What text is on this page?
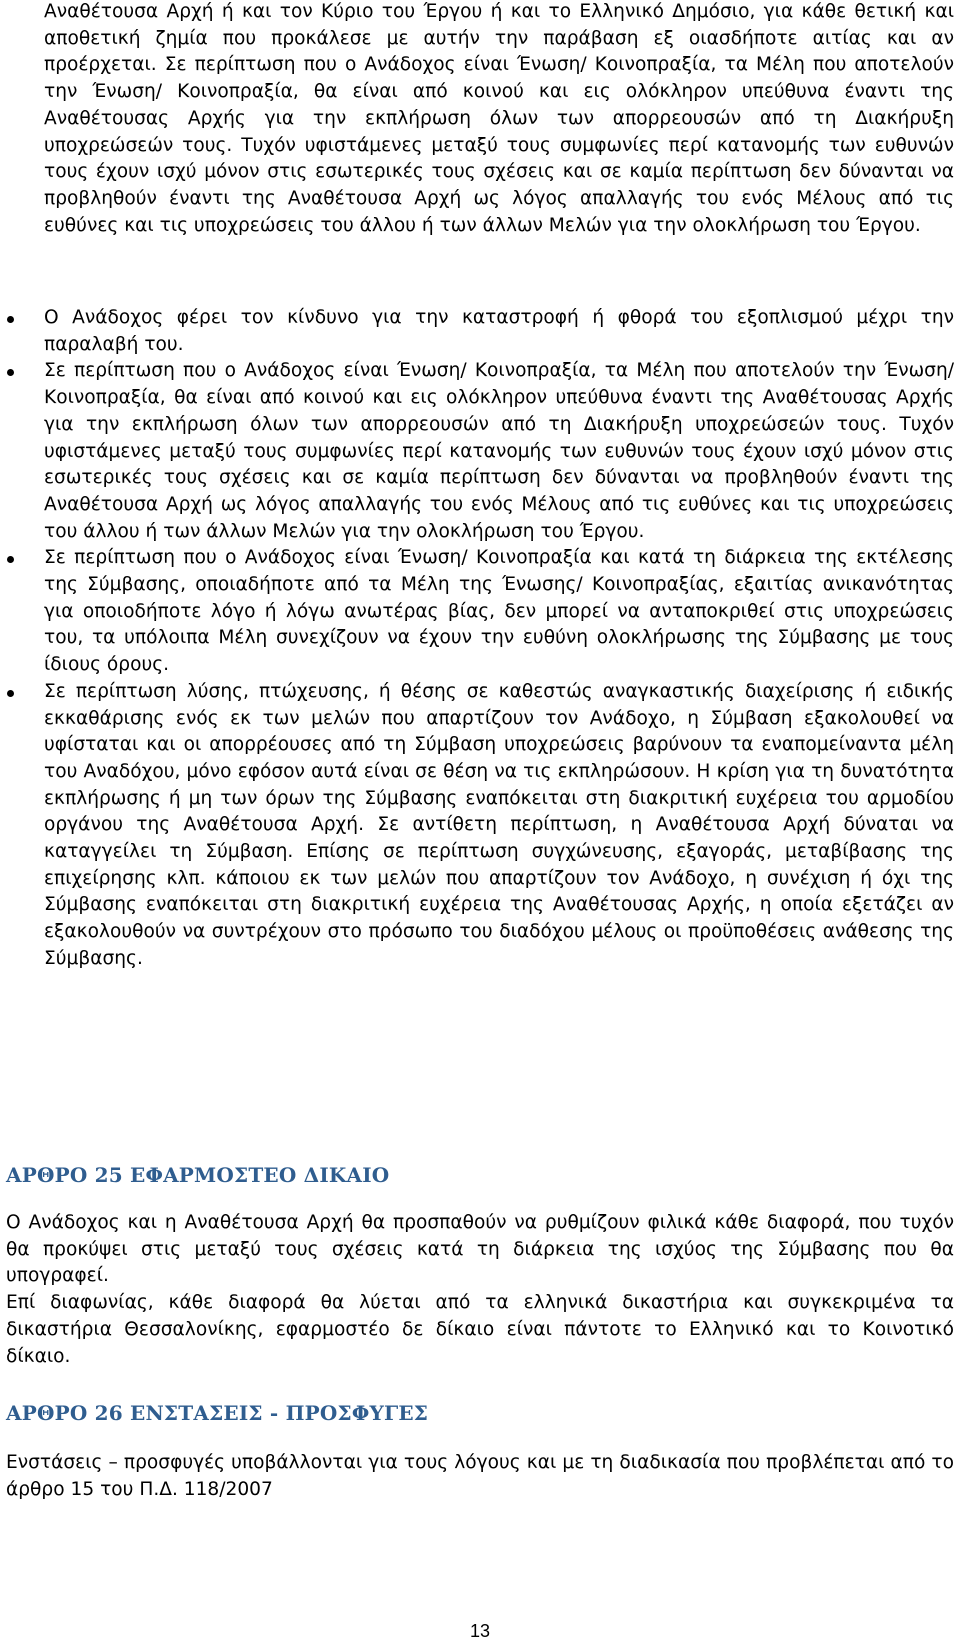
Αναθέτουσα Αρχή ή και τον Κύριο του Έργου ή και το Ελληνικό Δημόσιο, για κάθε θετική και αποθετική ζημία που προκάλεσε με αυτήν την παράβαση εξ οιασδήποτε αιτίας και αν προέρχεται. Σε περίπτωση που ο Ανάδοχος είναι Ένωση/ Κοινοπραξία, τα Μέλη που αποτελούν την Ένωση/ Κοινοπραξία, θα είναι από κοινού και εις ολόκληρον υπεύθυνα έναντι της Αναθέτουσας Αρχής για την εκπλήρωση όλων των απορρεουσών από τη Διακήρυξη υποχρεώσεών τους. Τυχόν υφιστάμενες μεταξύ τους συμφωνίες περί κατανομής των ευθυνών τους έχουν ισχύ μόνον στις εσωτερικές τους σχέσεις και σε καμία περίπτωση δεν δύνανται να προβληθούν έναντι της Αναθέτουσα Αρχή ως λόγος απαλλαγής του ενός Μέλους από τις ευθύνες και τις υποχρεώσεις του άλλου ή των άλλων Μελών για την ολοκλήρωση του Έργου.
Ο Ανάδοχος φέρει τον κίνδυνο για την καταστροφή ή φθορά του εξοπλισμού μέχρι την παραλαβή του.
Σε περίπτωση που ο Ανάδοχος είναι Ένωση/ Κοινοπραξία, τα Μέλη που αποτελούν την Ένωση/ Κοινοπραξία, θα είναι από κοινού και εις ολόκληρον υπεύθυνα έναντι της Αναθέτουσας Αρχής για την εκπλήρωση όλων των απορρεουσών από τη Διακήρυξη υποχρεώσεών τους. Τυχόν υφιστάμενες μεταξύ τους συμφωνίες περί κατανομής των ευθυνών τους έχουν ισχύ μόνον στις εσωτερικές τους σχέσεις και σε καμία περίπτωση δεν δύνανται να προβληθούν έναντι της Αναθέτουσα Αρχή ως λόγος απαλλαγής του ενός Μέλους από τις ευθύνες και τις υποχρεώσεις του άλλου ή των άλλων Μελών για την ολοκλήρωση του Έργου.
Σε περίπτωση που ο Ανάδοχος είναι Ένωση/ Κοινοπραξία και κατά τη διάρκεια της εκτέλεσης της Σύμβασης, οποιαδήποτε από τα Μέλη της Ένωσης/ Κοινοπραξίας, εξαιτίας ανικανότητας για οποιοδήποτε λόγο ή λόγω ανωτέρας βίας, δεν μπορεί να ανταποκριθεί στις υποχρεώσεις του, τα υπόλοιπα Μέλη συνεχίζουν να έχουν την ευθύνη ολοκλήρωσης της Σύμβασης με τους ίδιους όρους.
Σε περίπτωση λύσης, πτώχευσης, ή θέσης σε καθεστώς αναγκαστικής διαχείρισης ή ειδικής εκκαθάρισης ενός εκ των μελών που απαρτίζουν τον Ανάδοχο, η Σύμβαση εξακολουθεί να υφίσταται και οι απορρέουσες από τη Σύμβαση υποχρεώσεις βαρύνουν τα εναπομείναντα μέλη του Αναδόχου, μόνο εφόσον αυτά είναι σε θέση να τις εκπληρώσουν. Η κρίση για τη δυνατότητα εκπλήρωσης ή μη των όρων της Σύμβασης εναπόκειται στη διακριτική ευχέρεια του αρμοδίου οργάνου της Αναθέτουσα Αρχή. Σε αντίθετη περίπτωση, η Αναθέτουσα Αρχή δύναται να καταγγείλει τη Σύμβαση. Επίσης σε περίπτωση συγχώνευσης, εξαγοράς, μεταβίβασης της επιχείρησης κλπ. κάποιου εκ των μελών που απαρτίζουν τον Ανάδοχο, η συνέχιση ή όχι της Σύμβασης εναπόκειται στη διακριτική ευχέρεια της Αναθέτουσας Αρχής, η οποία εξετάζει αν εξακολουθούν να συντρέχουν στο πρόσωπο του διαδόχου μέλους οι προϋποθέσεις ανάθεσης της Σύμβασης.
ΑΡΘΡΟ 25 ΕΦΑΡΜΟΣΤΕΟ ΔΙΚΑΙΟ

Ο Ανάδοχος και η Αναθέτουσα Αρχή θα προσπαθούν να ρυθμίζουν φιλικά κάθε διαφορά, που τυχόν θα προκύψει στις μεταξύ τους σχέσεις κατά τη διάρκεια της ισχύος της Σύμβασης που θα υπογραφεί.

Επί διαφωνίας, κάθε διαφορά θα λύεται από τα ελληνικά δικαστήρια και συγκεκριμένα τα δικαστήρια Θεσσαλονίκης, εφαρμοστέο δε δίκαιο είναι πάντοτε το Ελληνικό και το Κοινοτικό δίκαιο.

ΑΡΘΡΟ 26 ΕΝΣΤΑΣΕΙΣ - ΠΡΟΣΦΥΓΕΣ

Ενστάσεις – προσφυγές υποβάλλονται για τους λόγους και με τη διαδικασία που προβλέπεται από το άρθρο 15 του Π.Δ. 118/2007

13
